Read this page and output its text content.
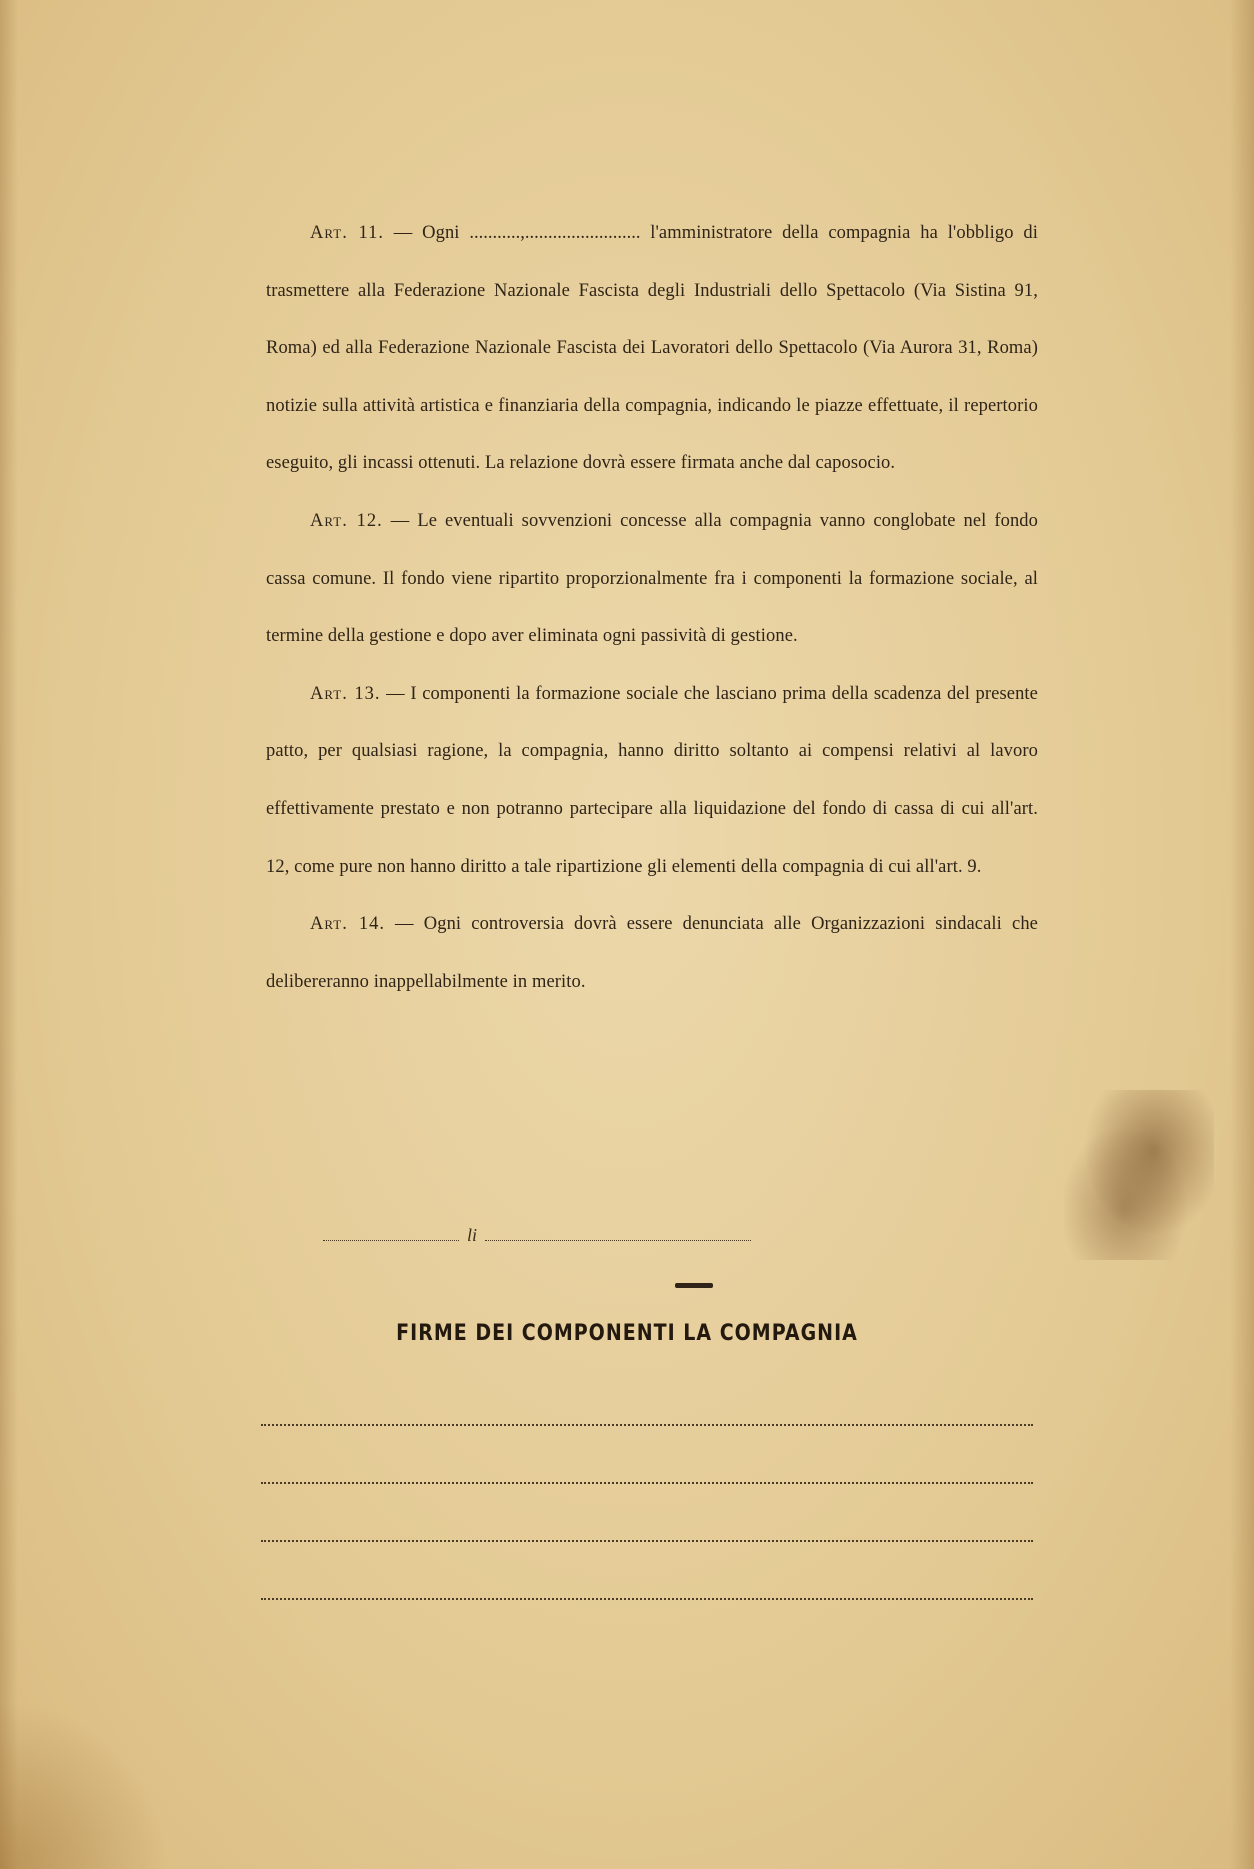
Art. 11. — Ogni ...........,......................... l'amministratore della compagnia ha l'obbligo di trasmettere alla Federazione Nazionale Fascista degli Industriali dello Spettacolo (Via Sistina 91, Roma) ed alla Federazione Nazionale Fascista dei Lavoratori dello Spettacolo (Via Aurora 31, Roma) notizie sulla attività artistica e finanziaria della compagnia, indicando le piazze effettuate, il repertorio eseguito, gli incassi ottenuti. La relazione dovrà essere firmata anche dal caposocio.

Art. 12. — Le eventuali sovvenzioni concesse alla compagnia vanno conglobate nel fondo cassa comune. Il fondo viene ripartito proporzionalmente fra i componenti la formazione sociale, al termine della gestione e dopo aver eliminata ogni passività di gestione.

Art. 13. — I componenti la formazione sociale che lasciano prima della scadenza del presente patto, per qualsiasi ragione, la compagnia, hanno diritto soltanto ai compensi relativi al lavoro effettivamente prestato e non potranno partecipare alla liquidazione del fondo di cassa di cui all'art. 12, come pure non hanno diritto a tale ripartizione gli elementi della compagnia di cui all'art. 9.

Art. 14. — Ogni controversia dovrà essere denunciata alle Organizzazioni sindacali che delibereranno inappellabilmente in merito.

li
FIRME DEI COMPONENTI LA COMPAGNIA
